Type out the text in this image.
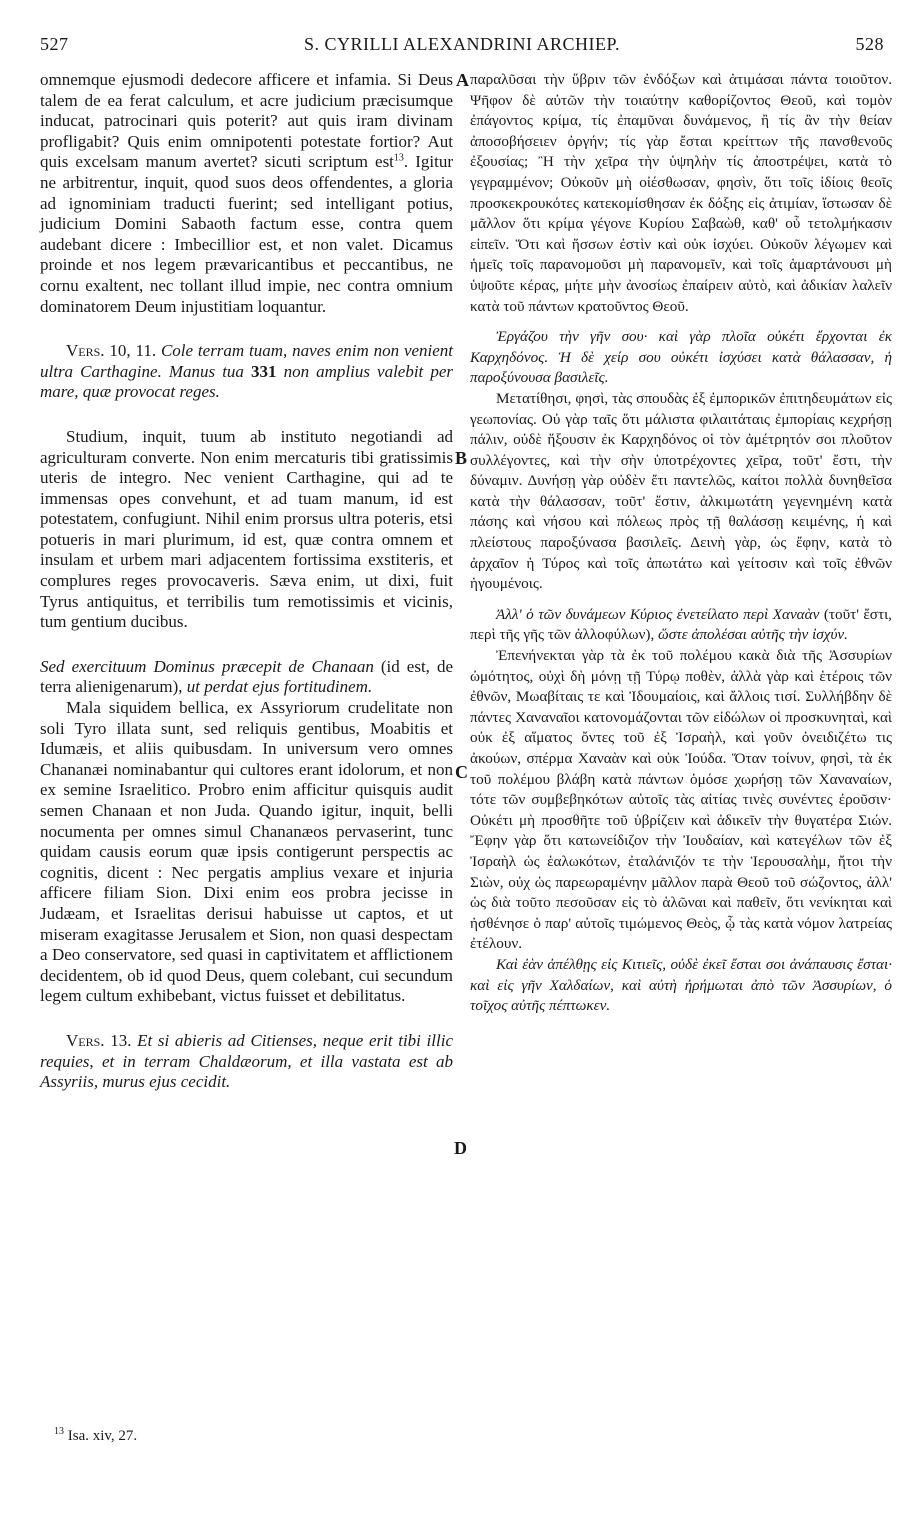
527	S. CYRILLI ALEXANDRINI ARCHIEP.	528

omnemque ejusmodi dedecore afficere et infamia. Si Deus talem de ea ferat calculum, et acre judicium præcisumque inducat, patrocinari quis poterit? aut quis iram divinam profligabit? Quis enim omnipotenti potestate fortior? Aut quis excelsam manum avertet? sicuti scriptum est$^{13}$. Igitur ne arbitrentur, inquit, quod suos deos offendentes, a gloria ad ignominiam traducti fuerint; sed intelligant potius, judicium Domini Sabaoth factum esse, contra quem audebant dicere : Imbecillior est, et non valet. Dicamus proinde et nos legem prævaricantibus et peccantibus, ne cornu exaltent, nec tollant illud impie, nec contra omnium dominatorem Deum injustitiam loquantur.

Vers. 10, 11. Cole terram tuam, naves enim non venient ultra Carthagine. Manus tua 331 non amplius valebit per mare, quæ provocat reges.

Studium, inquit, tuum ab instituto negotiandi ad agriculturam converte. Non enim mercaturis tibi gratissimis uteris de integro. Nec venient Carthagine, qui ad te immensas opes convehunt, et ad tuam manum, id est potestatem, confugiunt. Nihil enim prorsus ultra poteris, etsi potueris in mari plurimum, id est, quæ contra omnem et insulam et urbem mari adjacentem fortissima exstiteris, et complures reges provocaveris. Sæva enim, ut dixi, fuit Tyrus antiquitus, et terribilis tum remotissimis et vicinis, tum gentium ducibus.

Sed exercituum Dominus præcepit de Chanaan (id est, de terra alienigenarum), ut perdat ejus fortitudinem.

Mala siquidem bellica, ex Assyriorum crudelitate non soli Tyro illata sunt, sed reliquis gentibus, Moabitis et Idumæis, et aliis quibusdam. In universum vero omnes Chananæi nominabantur qui cultores erant idolorum, et non ex semine Israelitico. Probro enim afficitur quisquis audit semen Chanaan et non Juda. Quando igitur, inquit, belli nocumenta per omnes simul Chananæos pervaserint, tunc quidam causis eorum quæ ipsis contigerunt perspectis ac cognitis, dicent : Nec pergatis amplius vexare et injuria afficere filiam Sion. Dixi enim eos probra jecisse in Judæam, et Israelitas derisui habuisse ut captos, et ut miseram exagitasse Jerusalem et Sion, non quasi despectam a Deo conservatore, sed quasi in captivitatem et afflictionem decidentem, ob id quod Deus, quem colebant, cui secundum legem cultum exhibebant, victus fuisset et debilitatus.

Vers. 13. Et si abieris ad Citienses, neque erit tibi illic requies, et in terram Chaldæorum, et illa vastata est ab Assyriis, murus ejus cecidit.

A
B
C
D

παραλῦσαι τὴν ὕβριν τῶν ἐνδόξων καὶ ἀτιμάσαι πάντα τοιοῦτον. Ψῆφον δὲ αὐτῶν τὴν τοιαύτην καθορίζοντος Θεοῦ, καὶ τομὸν ἐπάγοντος κρίμα, τίς ἐπαμῦναι δυνάμενος, ἢ τίς ἂν τὴν θείαν ἀποσοβήσειεν ὀργήν; τίς γὰρ ἔσται κρείττων τῆς πανσθενοῦς ἐξουσίας; Ἢ τὴν χεῖρα τὴν ὑψηλὴν τίς ἀποστρέψει, κατὰ τὸ γεγραμμένον; Οὐκοῦν μὴ οἰέσθωσαν, φησὶν, ὅτι τοῖς ἰδίοις θεοῖς προσκεκρουκότες κατεκομίσθησαν ἐκ δόξης εἰς ἀτιμίαν, ἴστωσαν δὲ μᾶλλον ὅτι κρίμα γέγονε Κυρίου Σαβαὼθ, καθ' οὗ τετολμήκασιν εἰπεῖν. Ὅτι καὶ ἥσσων ἐστὶν καὶ οὐκ ἰσχύει. Οὐκοῦν λέγωμεν καὶ ἡμεῖς τοῖς παρανομοῦσι μὴ παρανομεῖν, καὶ τοῖς ἁμαρτάνουσι μὴ ὑψοῦτε κέρας, μήτε μὴν ἀνοσίως ἐπαίρειν αὐτὸ, καὶ ἀδικίαν λαλεῖν κατὰ τοῦ πάντων κρατοῦντος Θεοῦ.

Ἐργάζου τὴν γῆν σου· καὶ γὰρ πλοῖα οὐκέτι ἔρχονται ἐκ Καρχηδόνος. Ἡ δὲ χείρ σου οὐκέτι ἰσχύσει κατὰ θάλασσαν, ἡ παροξύνουσα βασιλεῖς.

Μετατίθησι, φησὶ, τὰς σπουδὰς ἐξ ἐμπορικῶν ἐπιτηδευμάτων εἰς γεωπονίας. Οὐ γὰρ ταῖς ὅτι μάλιστα φιλαιτάταις ἐμπορίαις κεχρήσῃ πάλιν, οὐδὲ ἥξουσιν ἐκ Καρχηδόνος οἱ τὸν ἀμέτρητόν σοι πλοῦτον συλλέγοντες, καὶ τὴν σὴν ὑποτρέχοντες χεῖρα, τοῦτ' ἔστι, τὴν δύναμιν. Δυνήσῃ γὰρ οὐδὲν ἔτι παντελῶς, καίτοι πολλὰ δυνηθεῖσα κατὰ τὴν θάλασσαν, τοῦτ' ἔστιν, ἀλκιμωτάτη γεγενημένη κατὰ πάσης καὶ νήσου καὶ πόλεως πρὸς τῇ θαλάσσῃ κειμένης, ἡ καὶ πλείστους παροξύνασα βασιλεῖς. Δεινὴ γὰρ, ὡς ἔφην, κατὰ τὸ ἀρχαῖον ἡ Τύρος καὶ τοῖς ἀπωτάτω καὶ γείτοσιν καὶ τοῖς ἐθνῶν ἡγουμένοις.

Ἀλλ' ὁ τῶν δυνάμεων Κύριος ἐνετείλατο περὶ Χαναὰν (τοῦτ' ἔστι, περὶ τῆς γῆς τῶν ἀλλοφύλων), ὥστε ἀπολέσαι αὐτῆς τὴν ἰσχύν.

Ἐπενήνεκται γὰρ τὰ ἐκ τοῦ πολέμου κακὰ διὰ τῆς Ἀσσυρίων ὠμότητος, οὐχὶ δὴ μόνῃ τῇ Τύρῳ ποθὲν, ἀλλὰ γὰρ καὶ ἑτέροις τῶν ἐθνῶν, Μωαβίταις τε καὶ Ἰδουμαίοις, καὶ ἄλλοις τισί. Συλλήβδην δὲ πάντες Χαναναῖοι κατονομάζονται τῶν εἰδώλων οἱ προσκυνηταὶ, καὶ οὐκ ἐξ αἵματος ὄντες τοῦ ἐξ Ἰσραὴλ, καὶ γοῦν ὀνειδιζέτω τις ἀκούων, σπέρμα Χαναὰν καὶ οὐκ Ἰούδα. Ὅταν τοίνυν, φησὶ, τὰ ἐκ τοῦ πολέμου βλάβη κατὰ πάντων ὁμόσε χωρήσῃ τῶν Χαναναίων, τότε τῶν συμβεβηκότων αὐτοῖς τὰς αἰτίας τινὲς συνέντες ἐροῦσιν· Οὐκέτι μὴ προσθῆτε τοῦ ὑβρίζειν καὶ ἀδικεῖν τὴν θυγατέρα Σιών. Ἔφην γὰρ ὅτι κατωνείδιζον τὴν Ἰουδαίαν, καὶ κατεγέλων τῶν ἐξ Ἰσραὴλ ὡς ἑαλωκότων, ἐταλάνιζόν τε τὴν Ἱερουσαλὴμ, ἤτοι τὴν Σιὼν, οὐχ ὡς παρεωραμένην μᾶλλον παρὰ Θεοῦ τοῦ σώζοντος, ἀλλ' ὡς διὰ τοῦτο πεσοῦσαν εἰς τὸ ἁλῶναι καὶ παθεῖν, ὅτι νενίκηται καὶ ἠσθένησε ὁ παρ' αὐτοῖς τιμώμενος Θεὸς, ᾧ τὰς κατὰ νόμον λατρείας ἐτέλουν.

Καὶ ἐὰν ἀπέλθῃς εἰς Κιτιεῖς, οὐδὲ ἐκεῖ ἔσται σοι ἀνάπαυσις ἔσται· καὶ εἰς γῆν Χαλδαίων, καὶ αὐτὴ ἠρήμωται ἀπὸ τῶν Ἀσσυρίων, ὁ τοῖχος αὐτῆς πέπτωκεν.

$^{13}$ Isa. xiv, 27.
